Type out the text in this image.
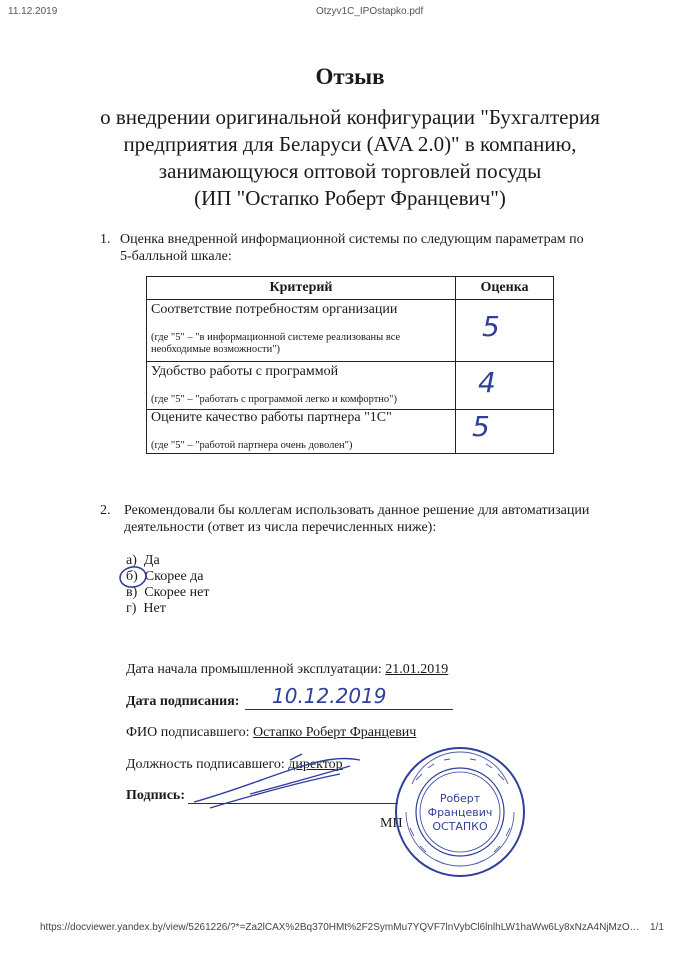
11.12.2019	Otzyv1C_IPOstapko.pdf
https://docviewer.yandex.by/view/5261226/?*=Za2lCAX%2Bq370HMt%2F2SymMu7YQVF7lnVybCl6lnlhLW1haWw6Ly8xNzA4NjMzO… 1/1
Отзыв
о внедрении оригинальной конфигурации "Бухгалтерия
предприятия для Беларуси (AVA 2.0)" в компанию,
занимающуюся оптовой торговлей посуды
(ИП "Остапко Роберт Францевич")
1. Оценка внедренной информационной системы по следующим параметрам по
5-балльной шкале:
Критерий	Оценка

Соответствие потребностям организации
(где "5" – "в информационной системе реализованы все необходимые возможности")	5

Удобство работы с программой
(где "5" – "работать с программой легко и комфортно")	4

Оцените качество работы партнера "1С"
(где "5" – "работой партнера очень доволен")	5
2. Рекомендовали бы коллегам использовать данное решение для автоматизации
деятельности (ответ из числа перечисленных ниже):
а) Да
б) Скорее да
в) Скорее нет
г) Нет
Дата начала промышленной эксплуатации: 21.01.2019
Дата подписания: 10.12.2019
ФИО подписавшего: Остапко Роберт Францевич
Должность подписавшего: директор
Подпись:
МП
Роберт
Францевич
ОСТАПКО
